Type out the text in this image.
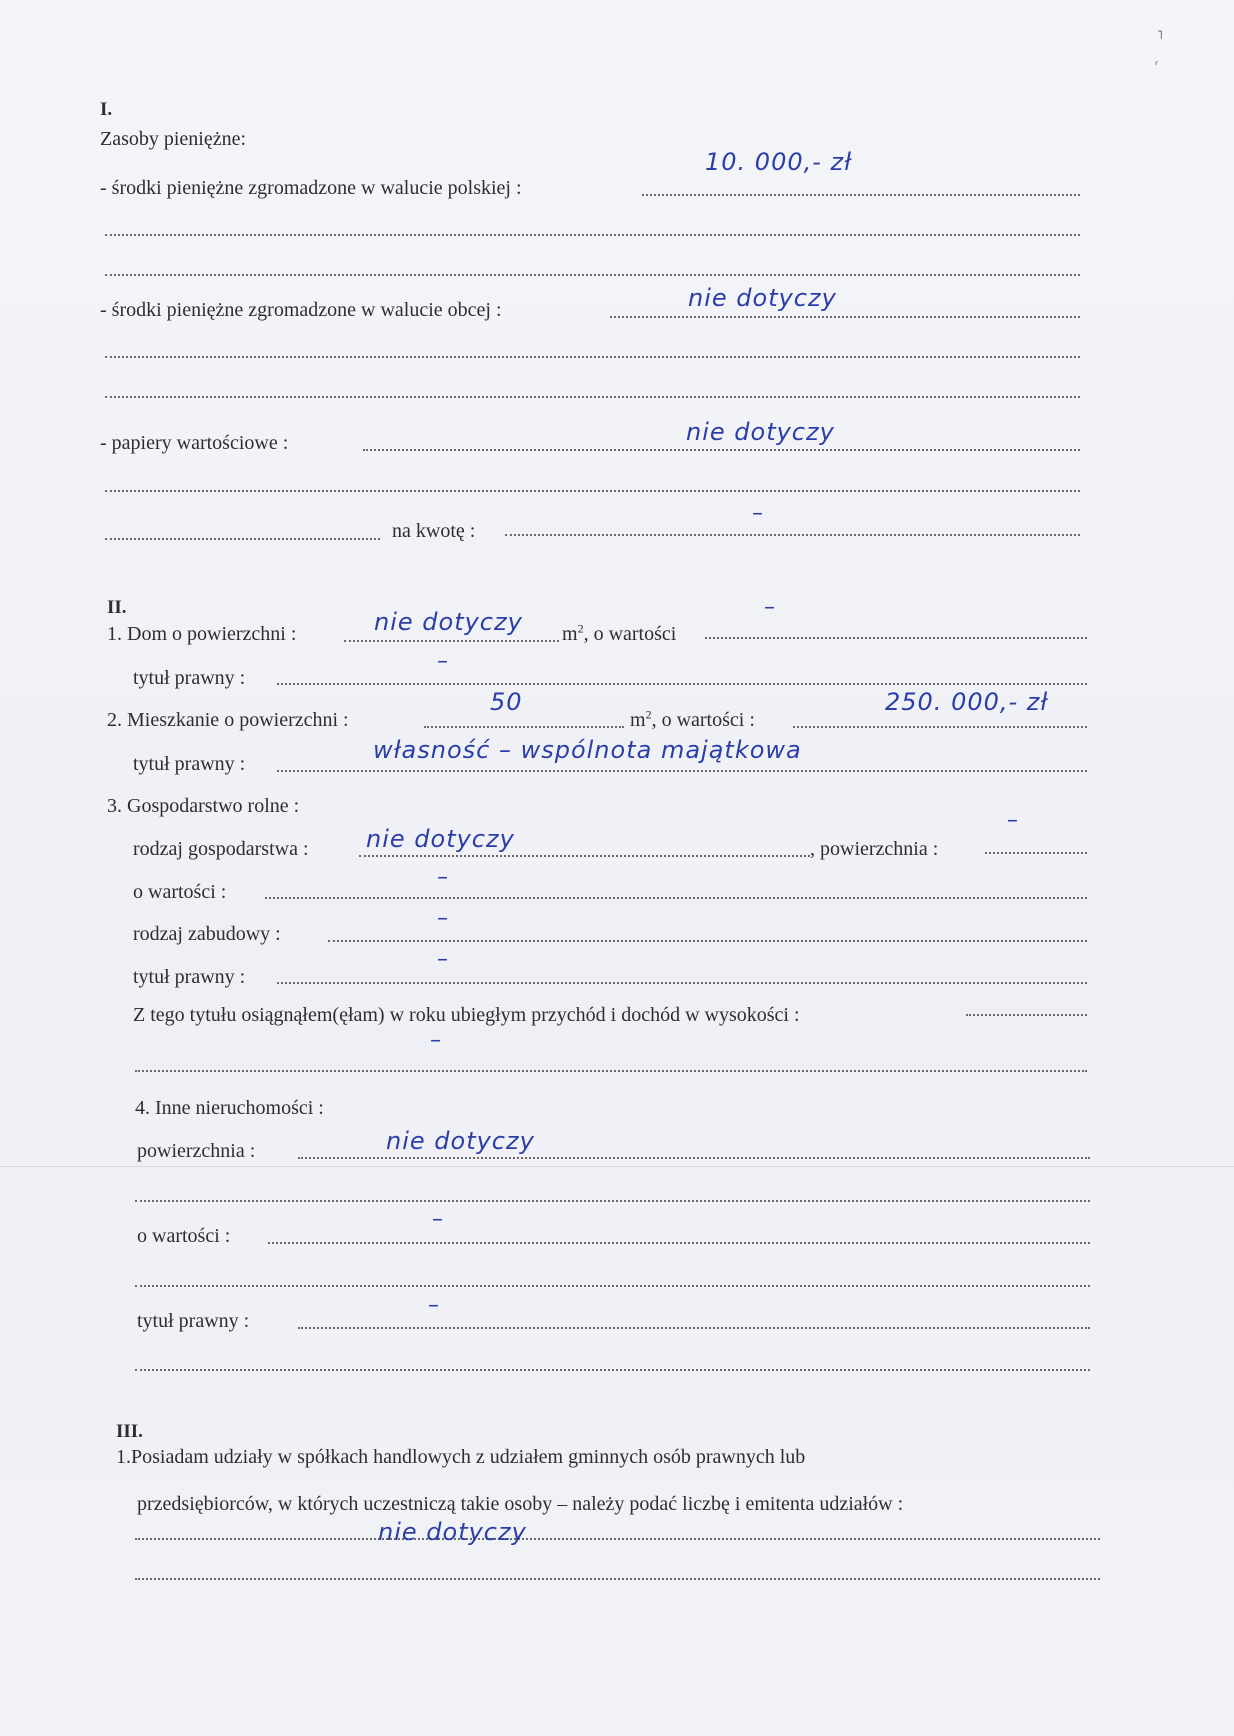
˥
ʳ
I.
Zasoby pieniężne:
- środki pieniężne zgromadzone w walucie polskiej :
10. 000,- zł
- środki pieniężne zgromadzone w walucie obcej :	nie dotyczy
- papiery wartościowe :	nie dotyczy
na kwotę :
–
II.
1. Dom o powierzchni :	nie dotyczy $m^2$, o wartości
–
tytuł prawny :
–
2. Mieszkanie o powierzchni :
50
$m^2$, o wartości :
250. 000,- zł
tytuł prawny :	własność – wspólnota majątkowa
3. Gospodarstwo rolne :
rodzaj gospodarstwa : nie dotyczy	, powierzchnia :
–
o wartości :
–
rodzaj zabudowy :
–
tytuł prawny :
–
Z tego tytułu osiągnąłem(ęłam) w roku ubiegłym przychód i dochód w wysokości :
–
4. Inne nieruchomości :
powierzchnia :	nie dotyczy
o wartości :
–
tytuł prawny :
–
III.
1.Posiadam udziały w spółkach handlowych z udziałem gminnych osób prawnych lub
przedsiębiorców, w których uczestniczą takie osoby – należy podać liczbę i emitenta udziałów :
nie dotyczy
